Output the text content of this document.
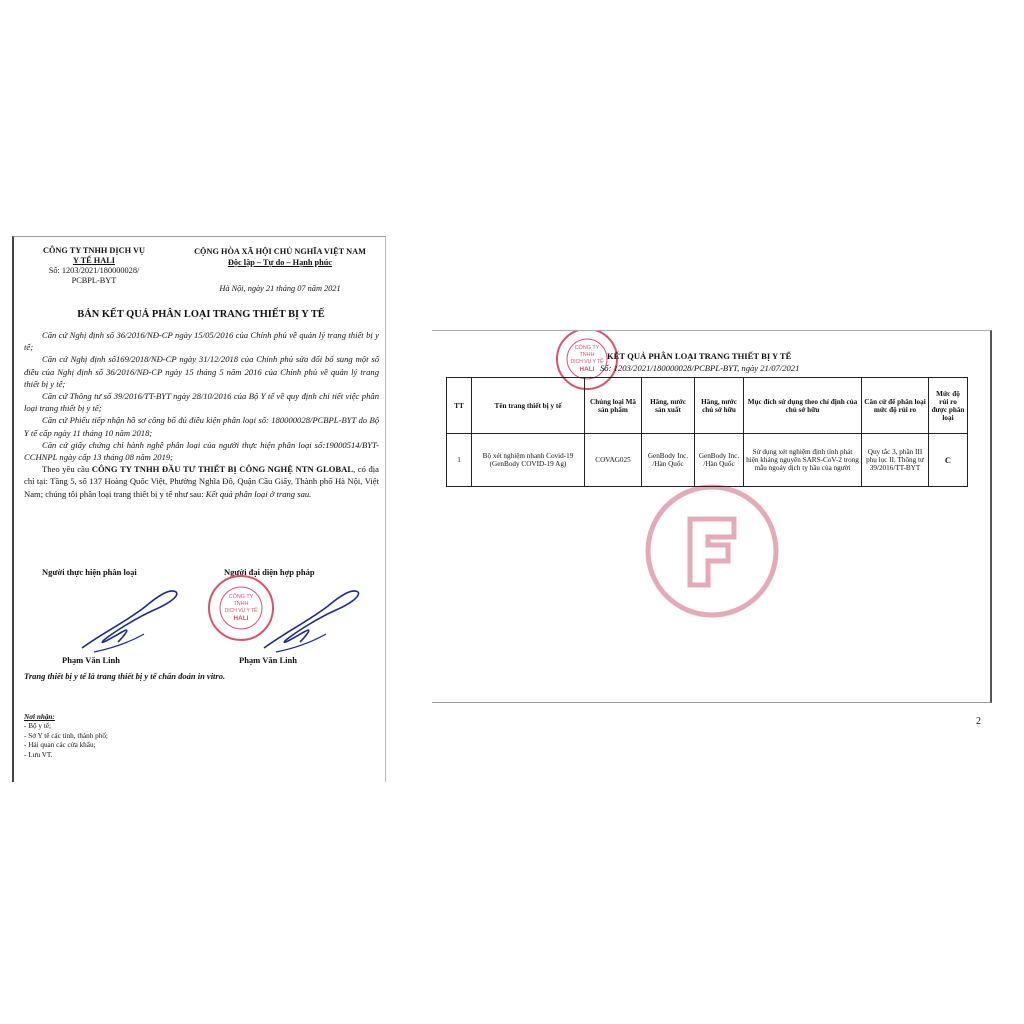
CÔNG TY TNHH DỊCH VỤ
Y TẾ HALI
Số: 1203/2021/180000028/
PCBPL-BYT
CỘNG HÒA XÃ HỘI CHỦ NGHĨA VIỆT NAM
Độc lập – Tự do – Hạnh phúc
Hà Nội, ngày 21 tháng 07 năm 2021
BẢN KẾT QUẢ PHÂN LOẠI TRANG THIẾT BỊ Y TẾ

Căn cứ Nghị định số 36/2016/NĐ-CP ngày 15/05/2016 của Chính phủ về quản lý trang thiết bị y tế;

Căn cứ Nghị định số169/2018/NĐ-CP ngày 31/12/2018 của Chính phủ sửa đổi bổ sung một số điều của Nghị định số 36/2016/NĐ-CP ngày 15 tháng 5 năm 2016 của Chính phủ về quản lý trang thiết bị y tế;

Căn cứ Thông tư số 39/2016/TT-BYT ngày 28/10/2016 của Bộ Y tế về quy định chi tiết việc phân loại trang thiết bị y tế;

Căn cứ Phiếu tiếp nhận hồ sơ công bố đủ điều kiện phân loại số: 180000028/PCBPL-BYT do Bộ Y tế cấp ngày 11 tháng 10 năm 2018;

Căn cứ giấy chứng chỉ hành nghề phân loại của người thực hiện phân loại số:19000514/BYT-CCHNPL ngày cấp 13 tháng 08 năm 2019;

Theo yêu cầu CÔNG TY TNHH ĐẦU TƯ THIẾT BỊ CÔNG NGHỆ NTN GLOBAL, có địa chỉ tại: Tầng 5, số 137 Hoàng Quốc Việt, Phường Nghĩa Đô, Quận Cầu Giấy, Thành phố Hà Nội, Việt Nam; chúng tôi phân loại trang thiết bị y tế như sau: Kết quả phân loại ở trang sau.

Người thực hiện phân loại	Người đại diện hợp pháp
CÔNG TY
TNHH
DỊCH VỤ Y TẾ
HALI
Phạm Văn Linh	Phạm Văn Linh
Trang thiết bị y tế là trang thiết bị y tế chẩn đoán in vitro.
Nơi nhận:
- Bộ y tế;
- Sở Y tế các tỉnh, thành phố;
- Hải quan các cửa khẩu;
- Lưu VT.
CÔNG TY
TNHH
DỊCH VỤ Y TẾ
HALI
KẾT QUẢ PHÂN LOẠI TRANG THIẾT BỊ Y TẾ
Số: 1203/2021/180000028/PCBPL-BYT, ngày 21/07/2021
TT	Tên trang thiết bị y tế	Chủng loại Mã sản phẩm	Hãng, nước sản xuất	Hãng, nước chủ sở hữu	Mục đích sử dụng theo chỉ định của chủ sở hữu	Căn cứ để phân loại mức độ rủi ro	Mức độ rủi ro được phân loại
1	Bộ xét nghiệm nhanh Covid-19 (GenBody COVID-19 Ag)	COVAG025	GenBody Inc. /Hàn Quốc	GenBody Inc. /Hàn Quốc	Sử dụng xét nghiệm định tính phát hiện kháng nguyên SARS-CoV-2 trong mẫu ngoáy dịch tỵ hầu của người	Quy tắc 3, phần III phụ lục II. Thông tư 39/2016/TT-BYT	C
2
